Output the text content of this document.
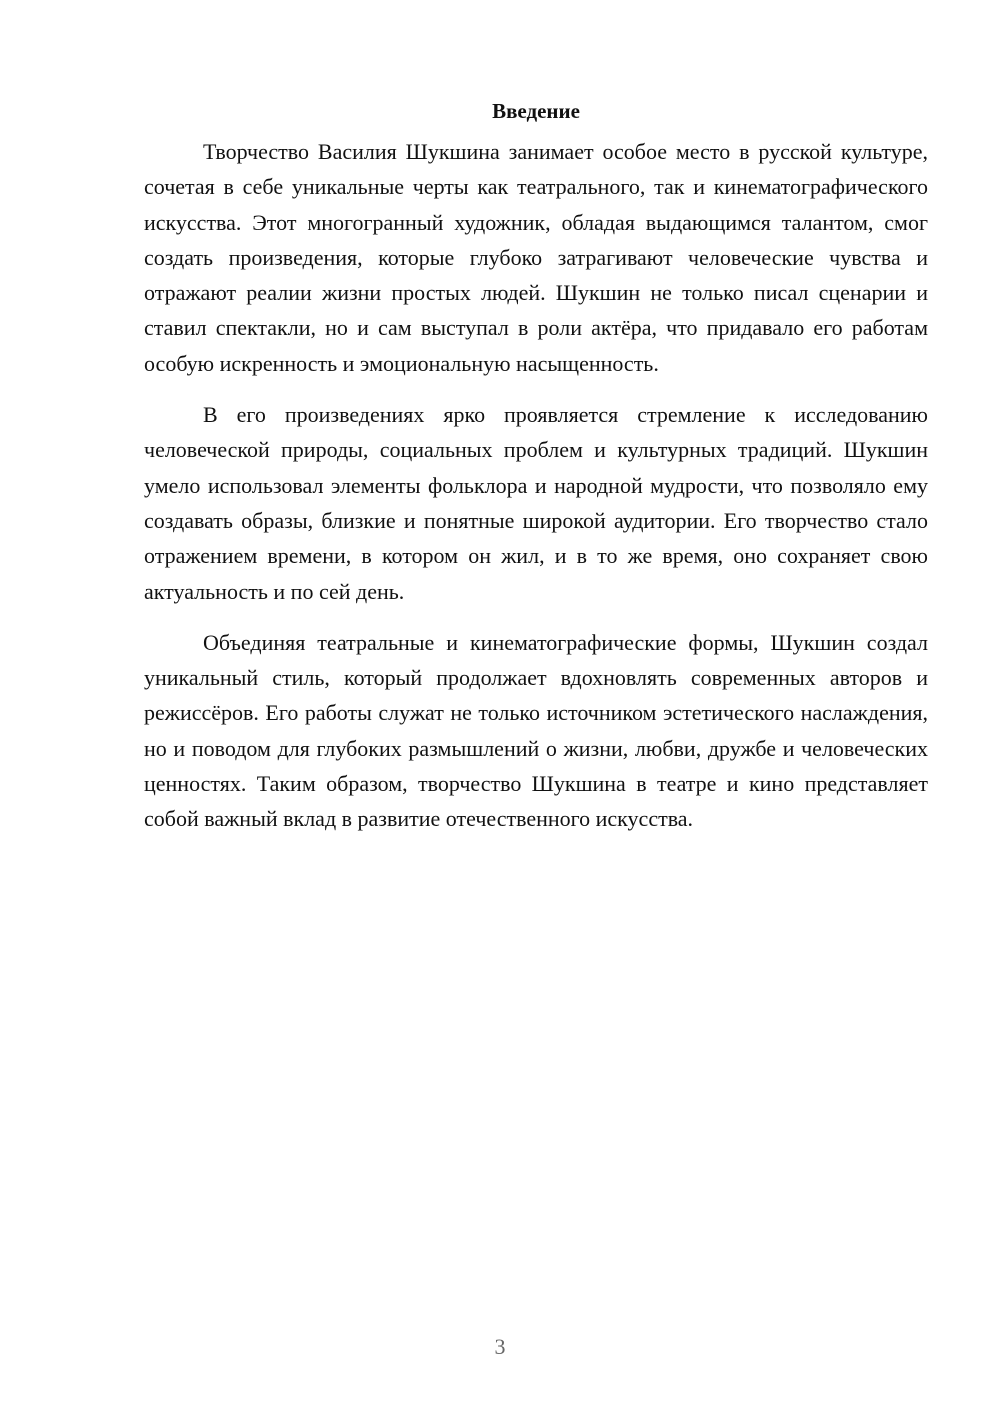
Введение

Творчество Василия Шукшина занимает особое место в русской культуре, сочетая в себе уникальные черты как театрального, так и кинематографического искусства. Этот многогранный художник, обладая выдающимся талантом, смог создать произведения, которые глубоко затрагивают человеческие чувства и отражают реалии жизни простых людей. Шукшин не только писал сценарии и ставил спектакли, но и сам выступал в роли актёра, что придавало его работам особую искренность и эмоциональную насыщенность.

В его произведениях ярко проявляется стремление к исследованию человеческой природы, социальных проблем и культурных традиций. Шукшин умело использовал элементы фольклора и народной мудрости, что позволяло ему создавать образы, близкие и понятные широкой аудитории. Его творчество стало отражением времени, в котором он жил, и в то же время, оно сохраняет свою актуальность и по сей день.

Объединяя театральные и кинематографические формы, Шукшин создал уникальный стиль, который продолжает вдохновлять современных авторов и режиссёров. Его работы служат не только источником эстетического наслаждения, но и поводом для глубоких размышлений о жизни, любви, дружбе и человеческих ценностях. Таким образом, творчество Шукшина в театре и кино представляет собой важный вклад в развитие отечественного искусства.

3
